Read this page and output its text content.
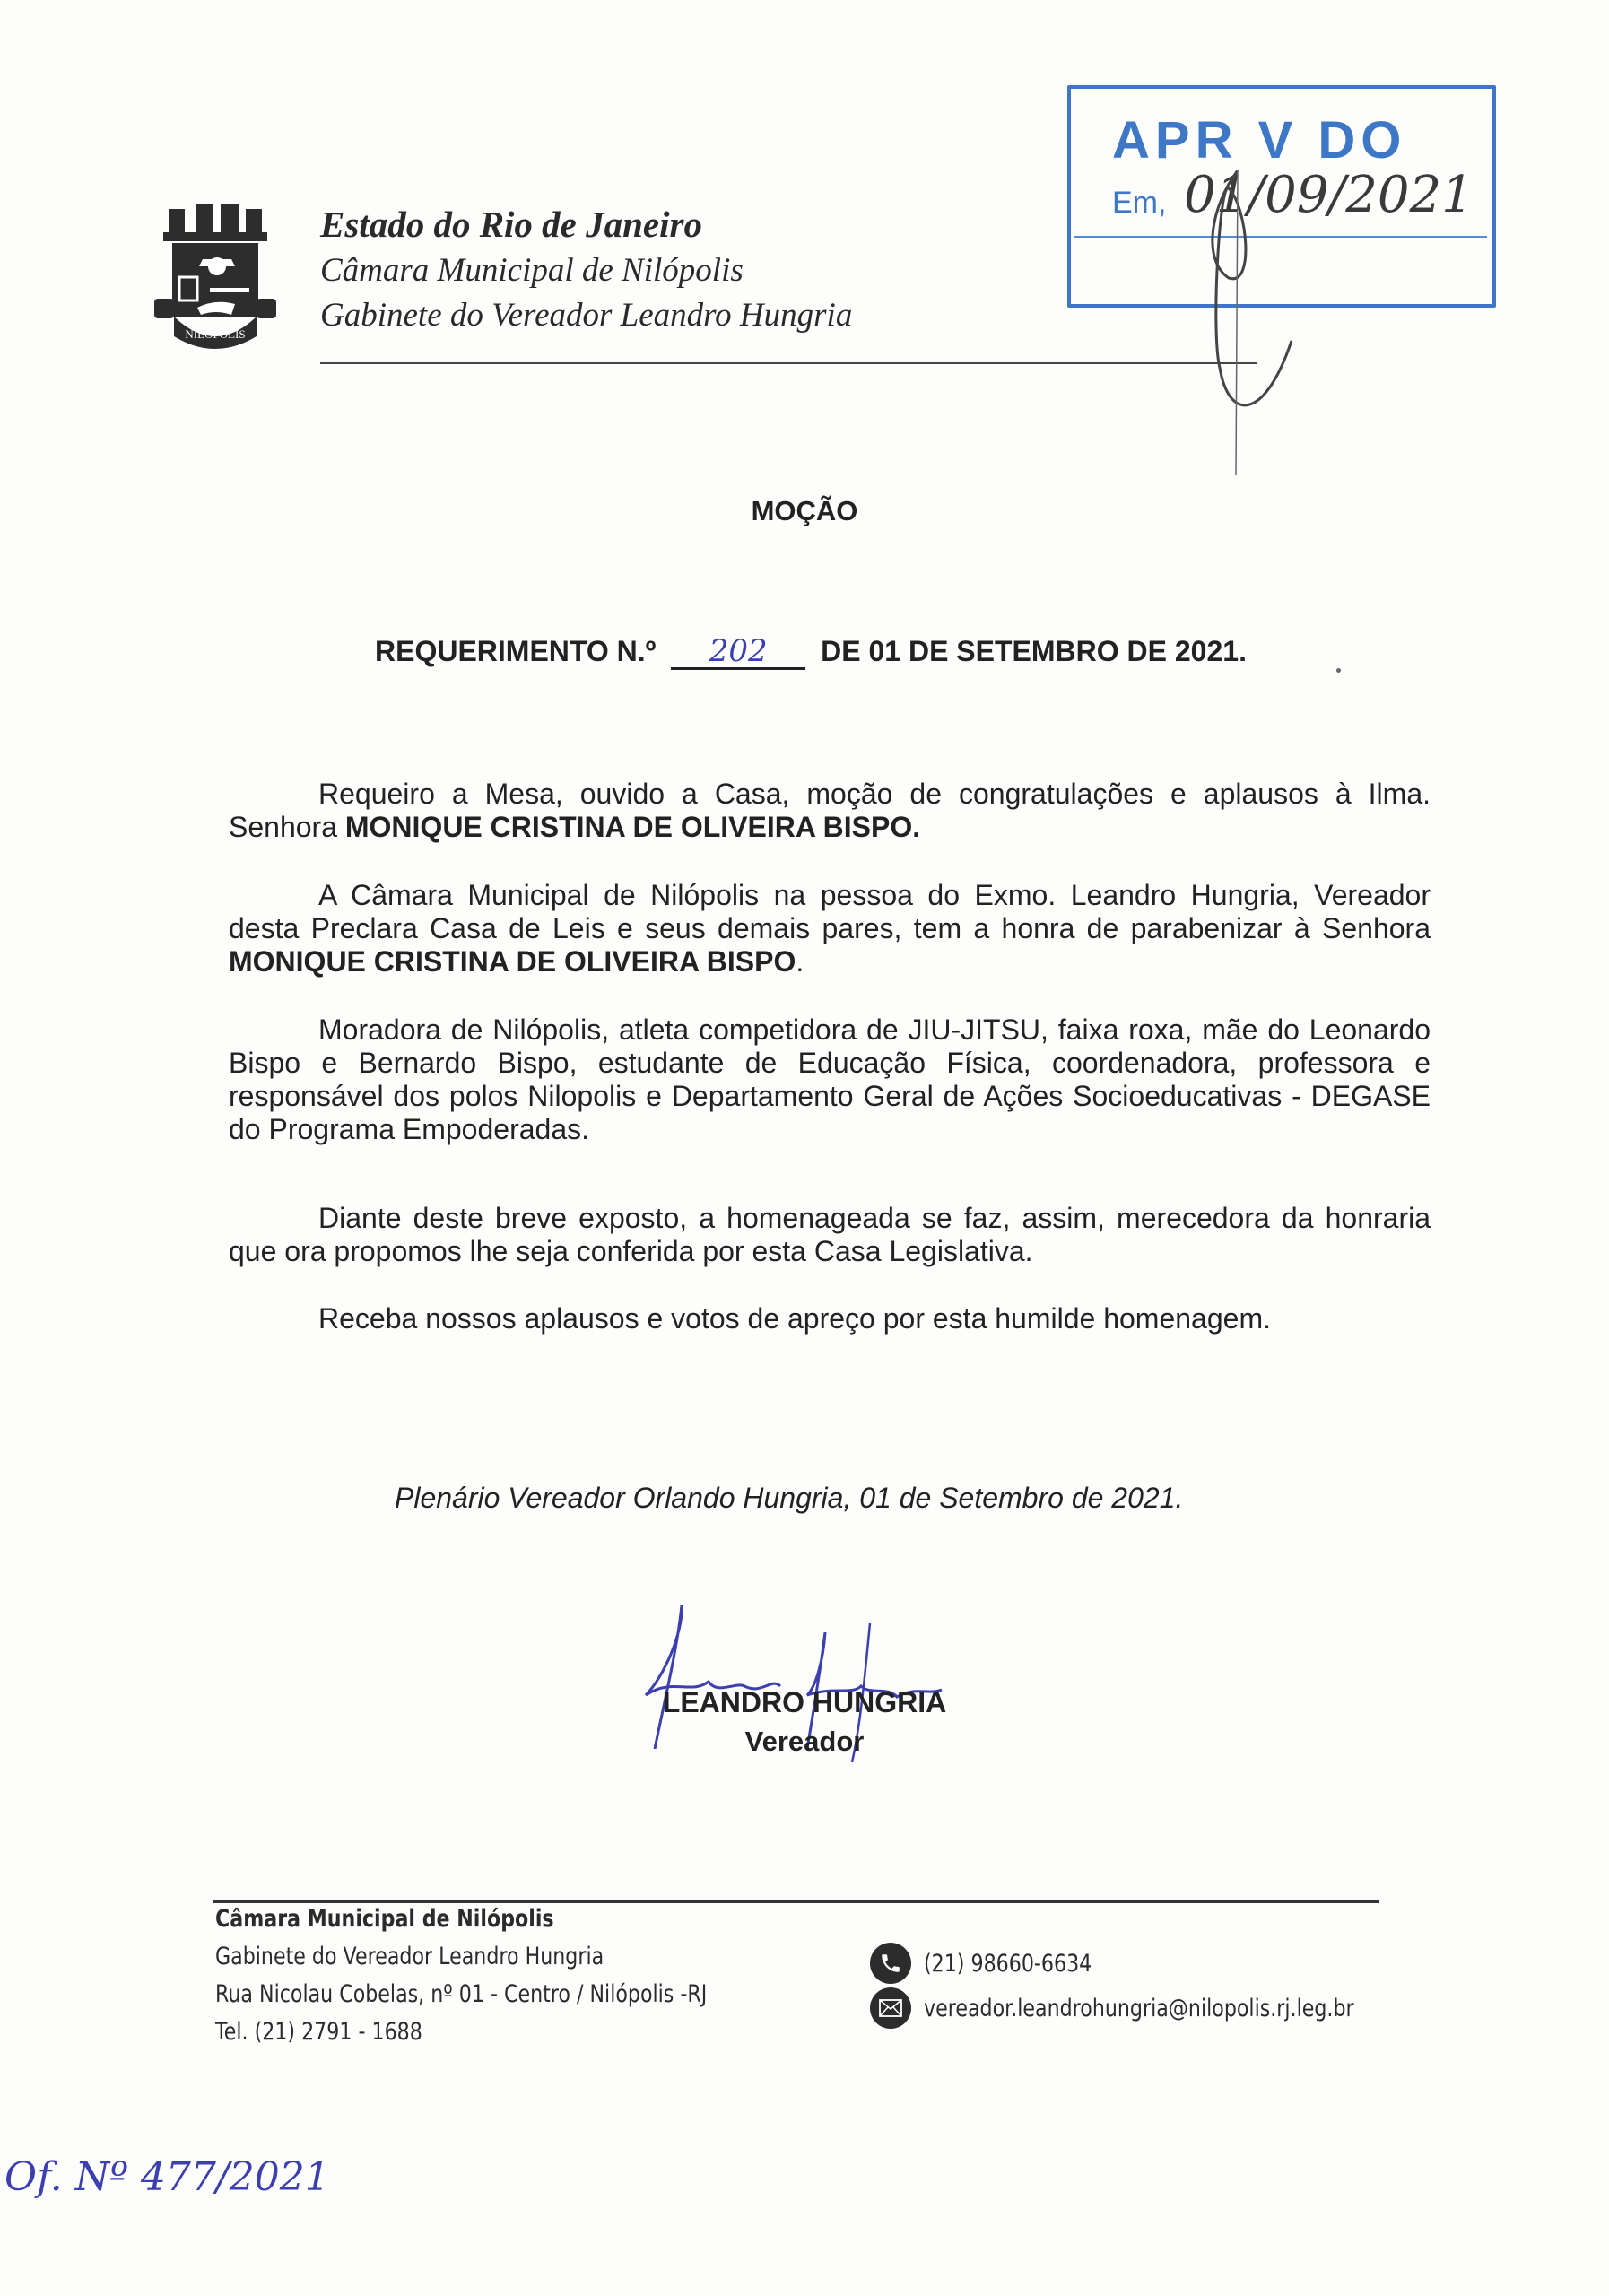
NILÓPOLIS
Estado do Rio de Janeiro
Câmara Municipal de Nilópolis
Gabinete do Vereador Leandro Hungria
APR V DO
Em, 01/09/2021
MOÇÃO
REQUERIMENTO N.º 202 DE 01 DE SETEMBRO DE 2021.

Requeiro a Mesa, ouvido a Casa, moção de congratulações e aplausos à Ilma. Senhora MONIQUE CRISTINA DE OLIVEIRA BISPO.

A Câmara Municipal de Nilópolis na pessoa do Exmo. Leandro Hungria, Vereador desta Preclara Casa de Leis e seus demais pares, tem a honra de parabenizar à Senhora MONIQUE CRISTINA DE OLIVEIRA BISPO.

Moradora de Nilópolis, atleta competidora de JIU-JITSU, faixa roxa, mãe do Leonardo Bispo e Bernardo Bispo, estudante de Educação Física, coordenadora, professora e responsável dos polos Nilopolis e Departamento Geral de Ações Socioeducativas - DEGASE do Programa Empoderadas.

Diante deste breve exposto, a homenageada se faz, assim, merecedora da honraria que ora propomos lhe seja conferida por esta Casa Legislativa.

Receba nossos aplausos e votos de apreço por esta humilde homenagem.

Plenário Vereador Orlando Hungria, 01 de Setembro de 2021.
LEANDRO HUNGRIA
Vereador
Câmara Municipal de Nilópolis
Gabinete do Vereador Leandro Hungria
Rua Nicolau Cobelas, nº 01 - Centro / Nilópolis -RJ
Tel. (21) 2791 - 1688
(21) 98660-6634
vereador.leandrohungria@nilopolis.rj.leg.br
Of. Nº 477/2021
